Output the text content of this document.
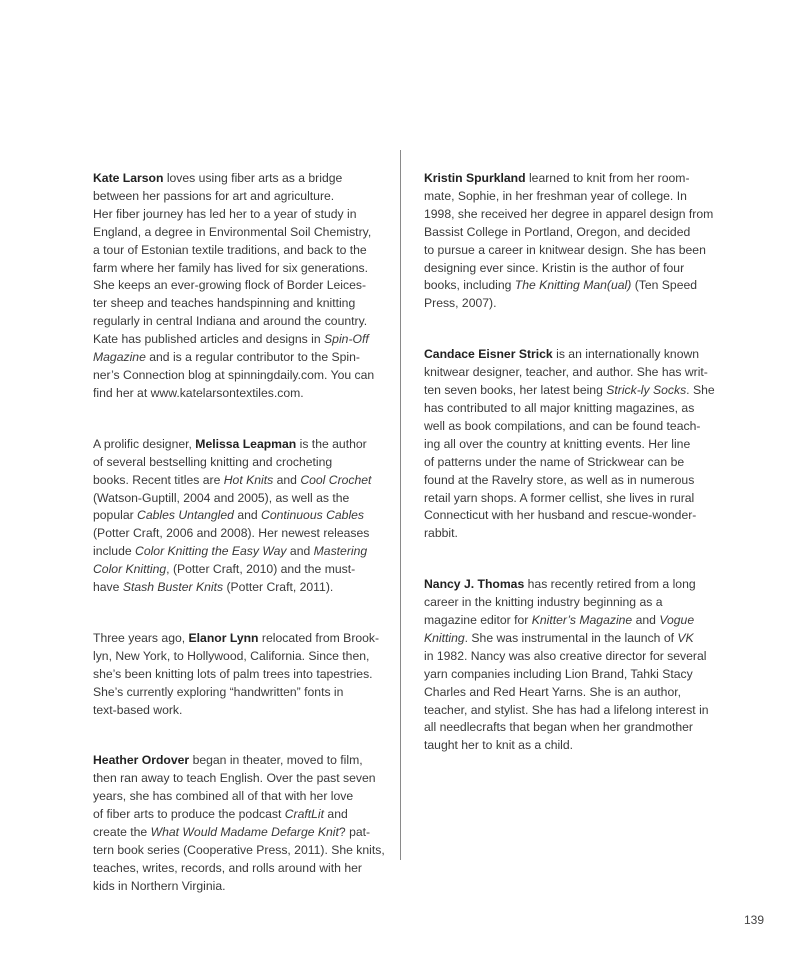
Kate Larson loves using fiber arts as a bridge
between her passions for art and agriculture.
Her fiber journey has led her to a year of study in
England, a degree in Environmental Soil Chemistry,
a tour of Estonian textile traditions, and back to the
farm where her family has lived for six generations.
She keeps an ever-growing flock of Border Leices-
ter sheep and teaches handspinning and knitting
regularly in central Indiana and around the country.
Kate has published articles and designs in Spin-Off
Magazine and is a regular contributor to the Spin-
ner’s Connection blog at spinningdaily.com. You can
find her at www.katelarsontextiles.com.

A prolific designer, Melissa Leapman is the author
of several bestselling knitting and crocheting
books. Recent titles are Hot Knits and Cool Crochet
(Watson-Guptill, 2004 and 2005), as well as the
popular Cables Untangled and Continuous Cables
(Potter Craft, 2006 and 2008). Her newest releases
include Color Knitting the Easy Way and Mastering
Color Knitting, (Potter Craft, 2010) and the must-
have Stash Buster Knits (Potter Craft, 2011).

Three years ago, Elanor Lynn relocated from Brook-
lyn, New York, to Hollywood, California. Since then,
she’s been knitting lots of palm trees into tapestries.
She’s currently exploring “handwritten” fonts in
text-based work.

Heather Ordover began in theater, moved to film,
then ran away to teach English. Over the past seven
years, she has combined all of that with her love
of fiber arts to produce the podcast CraftLit and
create the What Would Madame Defarge Knit? pat-
tern book series (Cooperative Press, 2011). She knits,
teaches, writes, records, and rolls around with her
kids in Northern Virginia.

Kristin Spurkland learned to knit from her room-
mate, Sophie, in her freshman year of college. In
1998, she received her degree in apparel design from
Bassist College in Portland, Oregon, and decided
to pursue a career in knitwear design. She has been
designing ever since. Kristin is the author of four
books, including The Knitting Man(ual) (Ten Speed
Press, 2007).

Candace Eisner Strick is an internationally known
knitwear designer, teacher, and author. She has writ-
ten seven books, her latest being Strick-ly Socks. She
has contributed to all major knitting magazines, as
well as book compilations, and can be found teach-
ing all over the country at knitting events. Her line
of patterns under the name of Strickwear can be
found at the Ravelry store, as well as in numerous
retail yarn shops. A former cellist, she lives in rural
Connecticut with her husband and rescue-wonder-
rabbit.

Nancy J. Thomas has recently retired from a long
career in the knitting industry beginning as a
magazine editor for Knitter’s Magazine and Vogue
Knitting. She was instrumental in the launch of VK
in 1982. Nancy was also creative director for several
yarn companies including Lion Brand, Tahki Stacy
Charles and Red Heart Yarns. She is an author,
teacher, and stylist. She has had a lifelong interest in
all needlecrafts that began when her grandmother
taught her to knit as a child.

139
